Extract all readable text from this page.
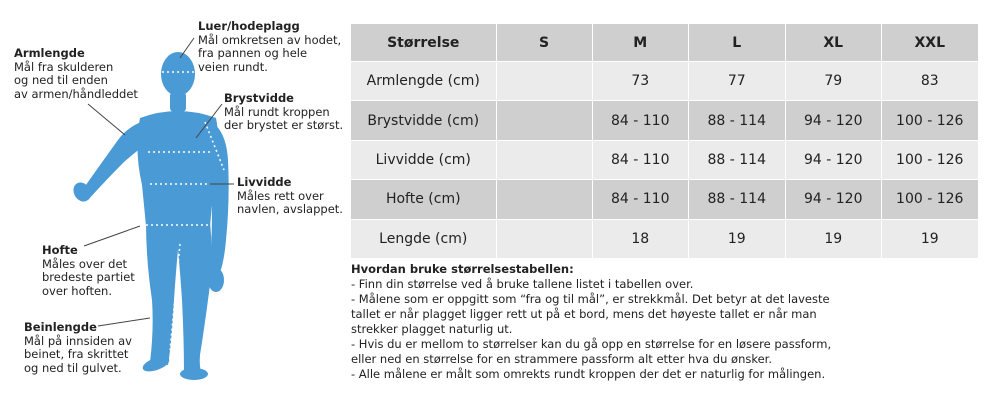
Armlengde
Mål fra skulderen
og ned til enden
av armen/håndleddet
Luer/hodeplagg
Mål omkretsen av hodet,
fra pannen og hele
veien rundt.
Brystvidde
Mål rundt kroppen
der brystet er størst.
Livvidde
Måles rett over
navlen, avslappet.
Hofte
Måles over det
bredeste partiet
over hoften.
Beinlengde
Mål på innsiden av
beinet, fra skrittet
og ned til gulvet.
Størrelse	S	M	L	XL	XXL
Armlengde (cm)		73	77	79	83
Brystvidde (cm)		84 - 110	88 - 114	94 - 120	100 - 126
Livvidde (cm)		84 - 110	88 - 114	94 - 120	100 - 126
Hofte (cm)		84 - 110	88 - 114	94 - 120	100 - 126
Lengde (cm)		18	19	19	19
Hvordan bruke størrelsestabellen:
- Finn din størrelse ved å bruke tallene listet i tabellen over.
- Målene som er oppgitt som “fra og til mål”, er strekkmål. Det betyr at det laveste
tallet er når plagget ligger rett ut på et bord, mens det høyeste tallet er når man
strekker plagget naturlig ut.
- Hvis du er mellom to størrelser kan du gå opp en størrelse for en løsere passform,
eller ned en størrelse for en strammere passform alt etter hva du ønsker.
- Alle målene er målt som omrekts rundt kroppen der det er naturlig for målingen.
